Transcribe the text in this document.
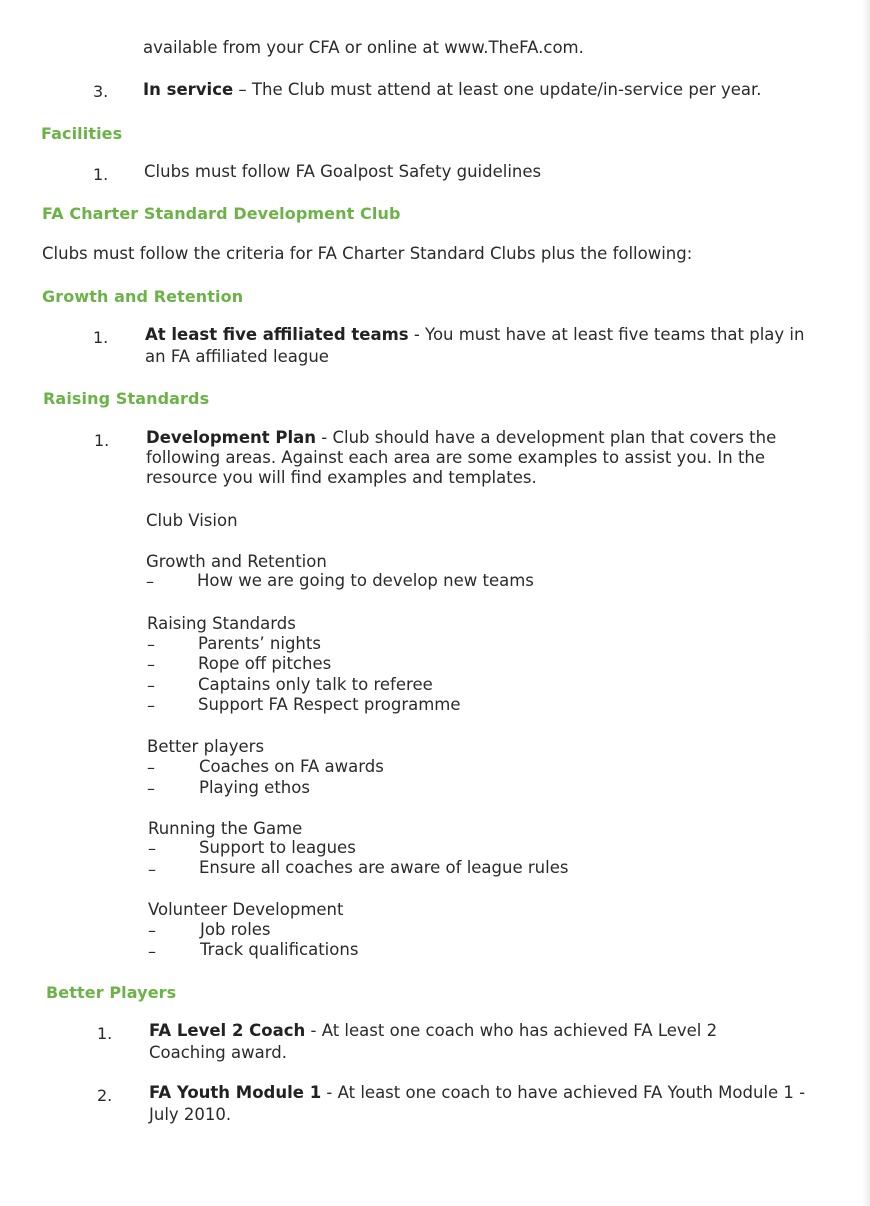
available from your CFA or online at www.TheFA.com.
3. In service – The Club must attend at least one update/in-service per year.
Facilities
1. Clubs must follow FA Goalpost Safety guidelines
FA Charter Standard Development Club
Clubs must follow the criteria for FA Charter Standard Clubs plus the following:
Growth and Retention
1. At least five affiliated teams - You must have at least five teams that play in
an FA affiliated league
Raising Standards
1. Development Plan - Club should have a development plan that covers the
following areas. Against each area are some examples to assist you. In the
resource you will find examples and templates.
Club Vision
Growth and Retention
–	How we are going to develop new teams
Raising Standards
–	Parents’ nights
–	Rope off pitches
–	Captains only talk to referee
–	Support FA Respect programme
Better players
–	Coaches on FA awards
–	Playing ethos
Running the Game
–	Support to leagues
–	Ensure all coaches are aware of league rules
Volunteer Development
–	Job roles
–	Track qualifications
Better Players
1. FA Level 2 Coach - At least one coach who has achieved FA Level 2
Coaching award.
2. FA Youth Module 1 - At least one coach to have achieved FA Youth Module 1 -
July 2010.
